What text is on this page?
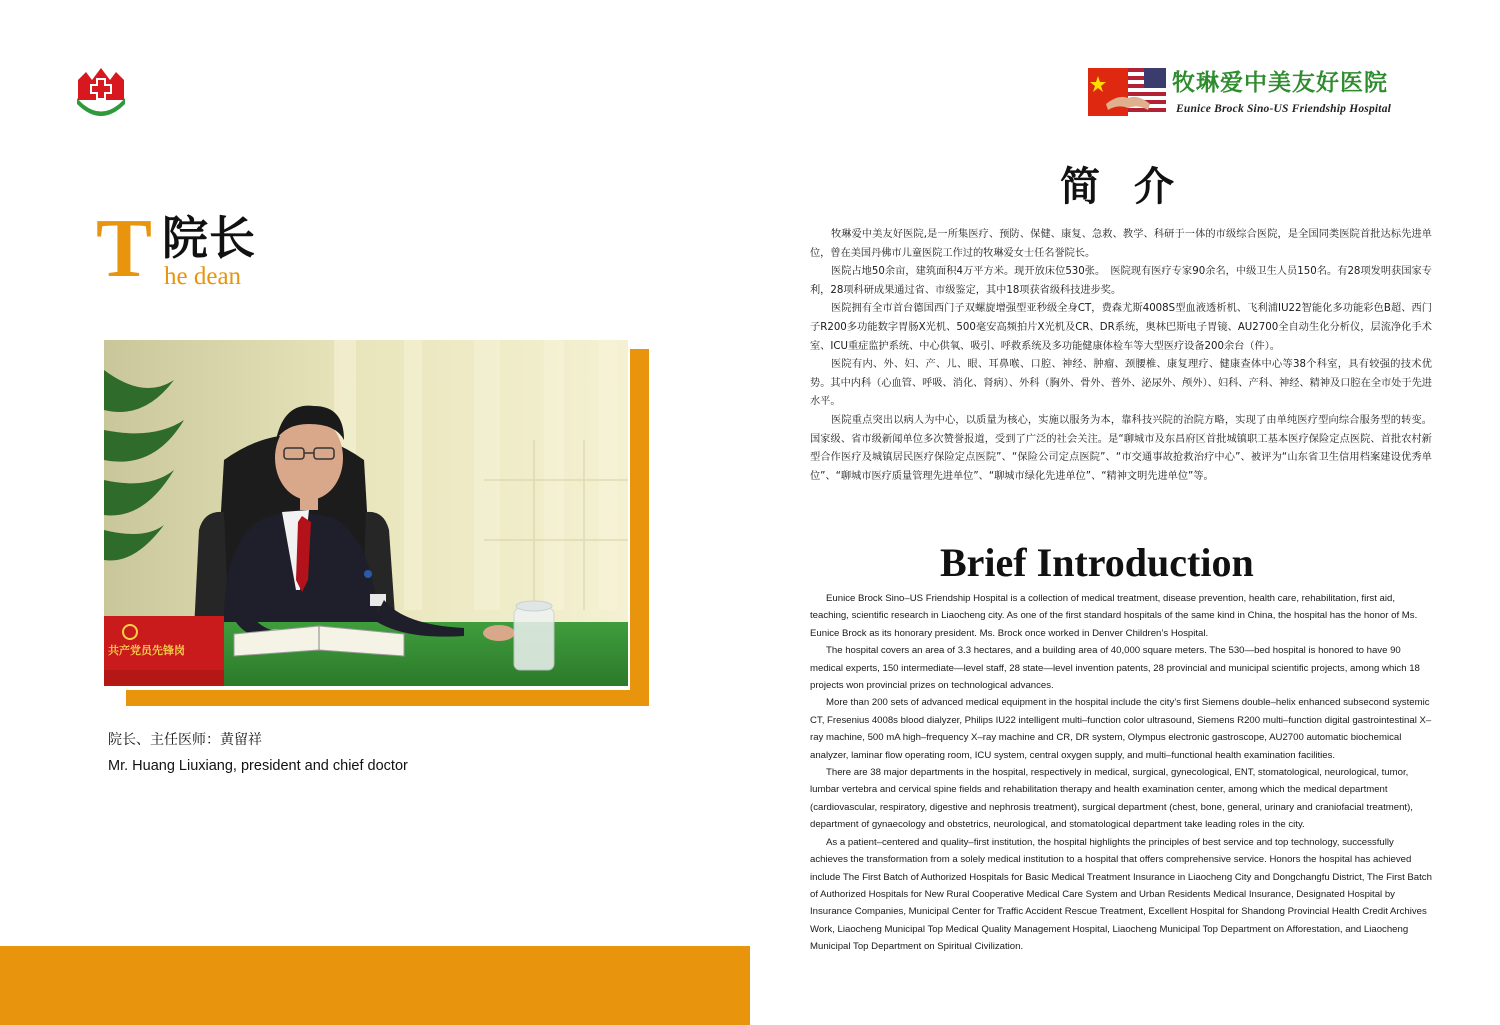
T 院长
he dean
共产党员先锋岗
院长、主任医师：黄留祥
Mr. Huang Liuxiang, president and chief doctor
牧琳爱中美友好医院
Eunice Brock Sino-US Friendship Hospital
简介

牧琳爱中美友好医院,是一所集医疗、预防、保健、康复、急救、教学、科研于一体的市级综合医院，是全国同类医院首批达标先进单位，曾在美国丹佛市儿童医院工作过的牧琳爱女士任名誉院长。

医院占地50余亩，建筑面积4万平方米。现开放床位530张。　医院现有医疗专家90余名，中级卫生人员150名。有28项发明获国家专利，28项科研成果通过省、市级鉴定，其中18项获省级科技进步奖。

医院拥有全市首台德国西门子双螺旋增强型亚秒级全身CT，费森尤斯4008S型血液透析机、飞利浦IU22智能化多功能彩色B超、西门子R200多功能数字胃肠X光机、500毫安高频拍片X光机及CR、DR系统，奥林巴斯电子胃镜、AU2700全自动生化分析仪，层流净化手术室、ICU重症监护系统、中心供氧、吸引、呼救系统及多功能健康体检车等大型医疗设备200余台（件）。

医院有内、外、妇、产、儿、眼、耳鼻喉、口腔、神经、肿瘤、颈腰椎、康复理疗、健康查体中心等38个科室，具有较强的技术优势。其中内科（心血管、呼吸、消化、肾病）、外科（胸外、骨外、普外、泌尿外、颅外）、妇科、产科、神经、精神及口腔在全市处于先进水平。

医院重点突出以病人为中心，以质量为核心，实施以服务为本，靠科技兴院的治院方略，实现了由单纯医疗型向综合服务型的转变。国家级、省市级新闻单位多次赞誉报道，受到了广泛的社会关注。是“聊城市及东昌府区首批城镇职工基本医疗保险定点医院、首批农村新型合作医疗及城镇居民医疗保险定点医院”、“保险公司定点医院”、“市交通事故抢救治疗中心”、被评为“山东省卫生信用档案建设优秀单位”、“聊城市医疗质量管理先进单位”、“聊城市绿化先进单位”、“精神文明先进单位”等。

Brief Introduction

Eunice Brock Sino–US Friendship Hospital is a collection of medical treatment, disease prevention, health care, rehabilitation, first aid, teaching, scientific research in Liaocheng city. As one of the first standard hospitals of the same kind in China, the hospital has the honor of Ms. Eunice Brock as its honorary president. Ms. Brock once worked in Denver Children’s Hospital.

The hospital covers an area of 3.3 hectares, and a building area of 40,000 square meters. The 530—bed hospital is honored to have 90 medical experts, 150 intermediate—level staff, 28 state—level invention patents, 28 provincial and municipal scientific projects, among which 18 projects won provincial prizes on technological advances.

More than 200 sets of advanced medical equipment in the hospital include the city’s first Siemens double–helix enhanced subsecond systemic CT, Fresenius 4008s blood dialyzer, Philips IU22 intelligent multi–function color ultrasound, Siemens R200 multi–function digital gastrointestinal X–ray machine, 500 mA high–frequency X–ray machine and CR, DR system, Olympus electronic gastroscope, AU2700 automatic biochemical analyzer, laminar flow operating room, ICU system, central oxygen supply, and multi–functional health examination facilities.

There are 38 major departments in the hospital, respectively in medical, surgical, gynecological, ENT, stomatological, neurological, tumor, lumbar vertebra and cervical spine fields and rehabilitation therapy and health examination center, among which the medical department (cardiovascular, respiratory, digestive and nephrosis treatment), surgical department (chest, bone, general, urinary and craniofacial treatment), department of gynaecology and obstetrics, neurological, and stomatological department take leading roles in the city.

As a patient–centered and quality–first institution, the hospital highlights the principles of best service and top technology, successfully achieves the transformation from a solely medical institution to a hospital that offers comprehensive service. Honors the hospital has achieved include The First Batch of Authorized Hospitals for Basic Medical Treatment Insurance in Liaocheng City and Dongchangfu District, The First Batch of Authorized Hospitals for New Rural Cooperative Medical Care System and Urban Residents Medical Insurance, Designated Hospital by Insurance Companies, Municipal Center for Traffic Accident Rescue Treatment, Excellent Hospital for Shandong Provincial Health Credit Archives Work, Liaocheng Municipal Top Medical Quality Management Hospital, Liaocheng Municipal Top Department on Afforestation, and Liaocheng Municipal Top Department on Spiritual Civilization.
